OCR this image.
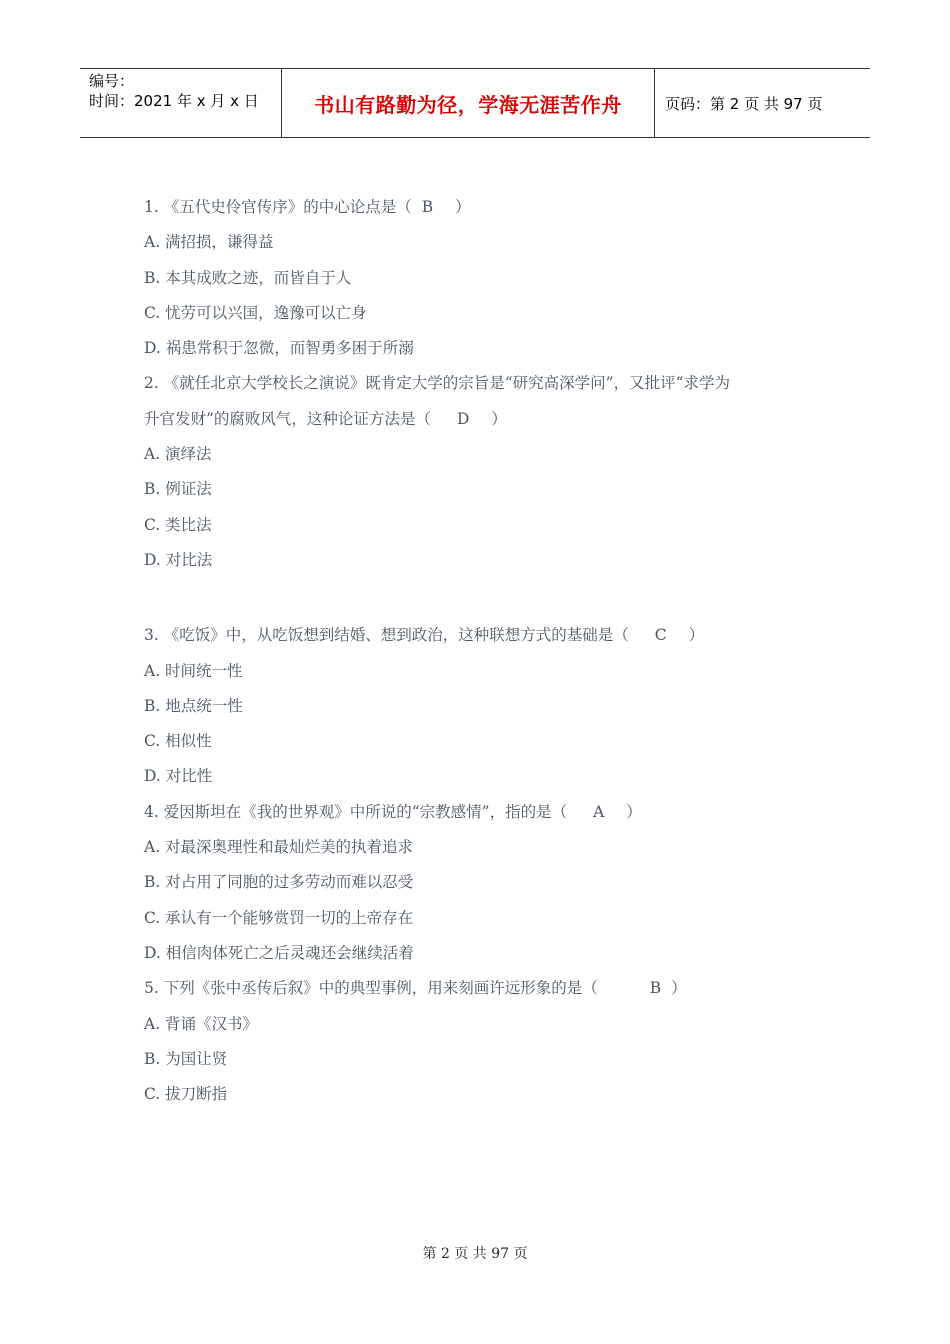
编号：
时间：2021 年 x 月 x 日	书山有路勤为径，学海无涯苦作舟	页码：第 2 页 共 97 页
1. 《五代史伶官传序》的中心论点是（ B ）
A. 满招损，谦得益
B. 本其成败之迹，而皆自于人
C. 忧劳可以兴国，逸豫可以亡身
D. 祸患常积于忽微，而智勇多困于所溺
2. 《就任北京大学校长之演说》既肯定大学的宗旨是“研究高深学问”，又批评“求学为
升官发财”的腐败风气，这种论证方法是（ D ）
A. 演绎法
B. 例证法
C. 类比法
D. 对比法
3. 《吃饭》中，从吃饭想到结婚、想到政治，这种联想方式的基础是（ C ）
A. 时间统一性
B. 地点统一性
C. 相似性
D. 对比性
4. 爱因斯坦在《我的世界观》中所说的“宗教感情”，指的是（ A ）
A. 对最深奥理性和最灿烂美的执着追求
B. 对占用了同胞的过多劳动而难以忍受
C. 承认有一个能够赏罚一切的上帝存在
D. 相信肉体死亡之后灵魂还会继续活着
5. 下列《张中丞传后叙》中的典型事例，用来刻画许远形象的是（	B ）
A. 背诵《汉书》
B. 为国让贤
C. 拔刀断指
第 2 页 共 97 页
